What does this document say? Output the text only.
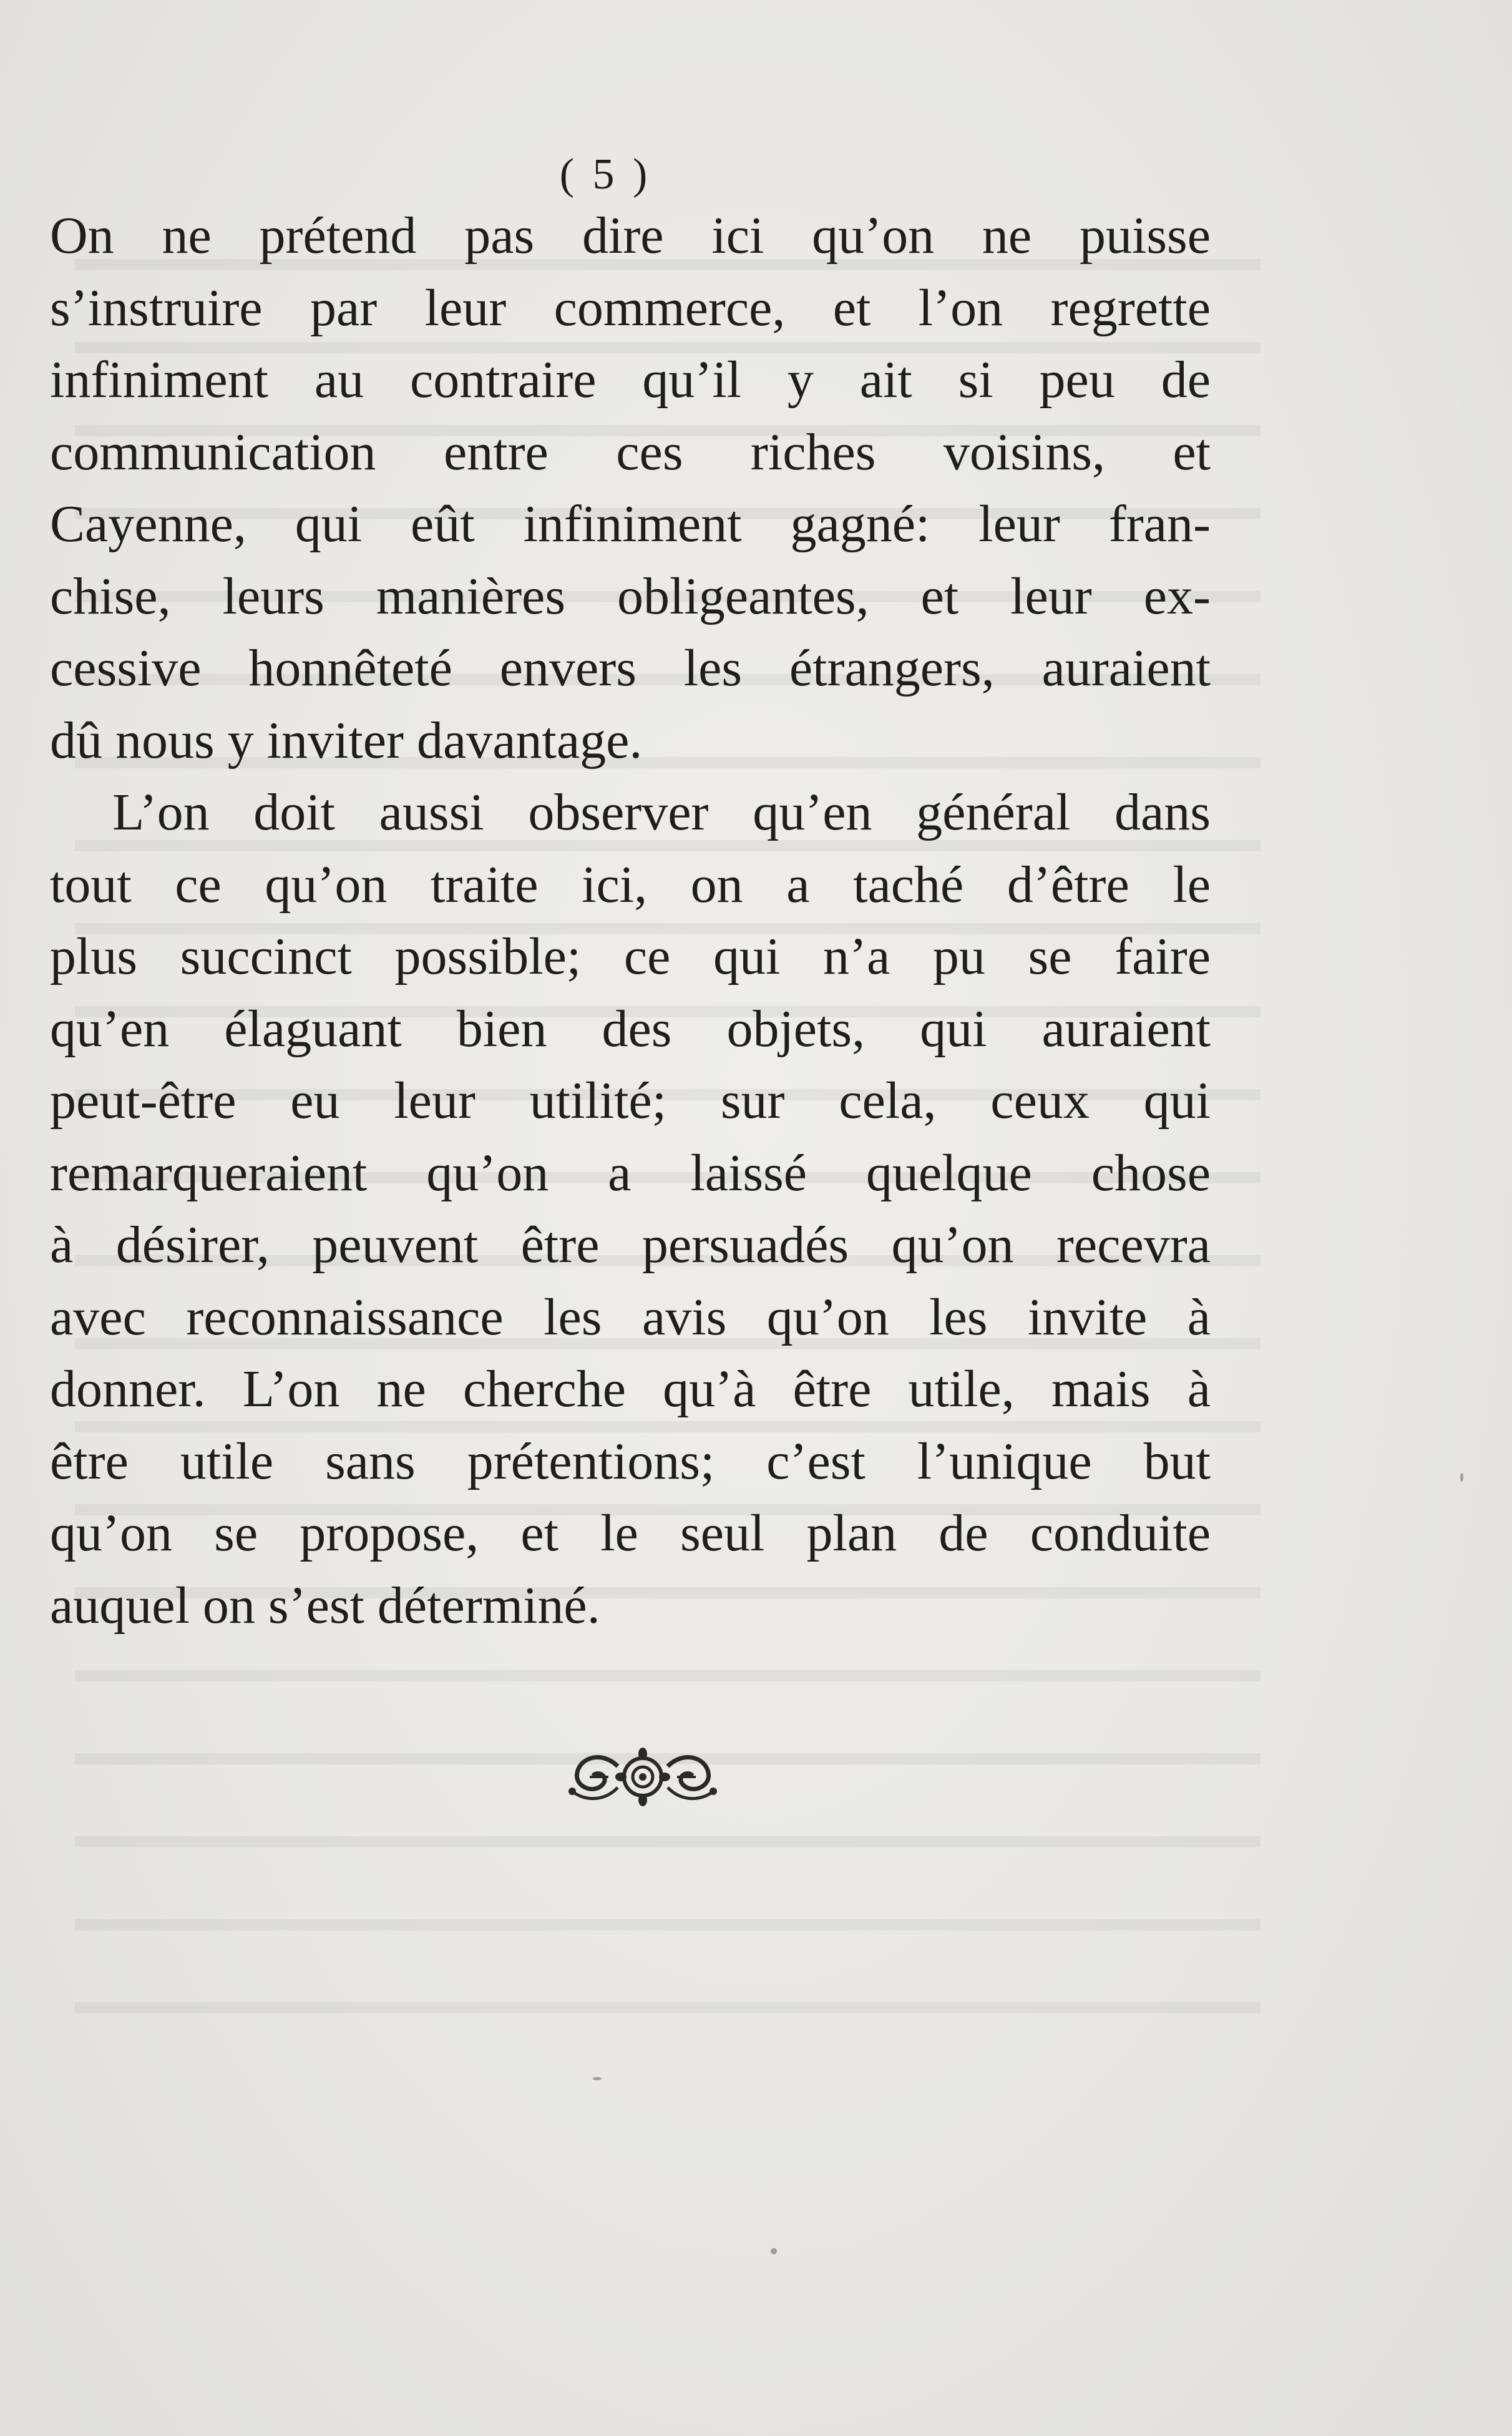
( 5 )
On ne prétend pas dire ici qu’on ne puisse
s’instruire par leur commerce, et l’on regrette
infiniment au contraire qu’il y ait si peu de
communication entre ces riches voisins, et
Cayenne, qui eût infiniment gagné: leur fran-
chise, leurs manières obligeantes, et leur ex-
cessive honnêteté envers les étrangers, auraient
dû nous y inviter davantage.
L’on doit aussi observer qu’en général dans
tout ce qu’on traite ici, on a taché d’être le
plus succinct possible; ce qui n’a pu se faire
qu’en élaguant bien des objets, qui auraient
peut-être eu leur utilité; sur cela, ceux qui
remarqueraient qu’on a laissé quelque chose
à désirer, peuvent être persuadés qu’on recevra
avec reconnaissance les avis qu’on les invite à
donner. L’on ne cherche qu’à être utile, mais à
être utile sans prétentions; c’est l’unique but
qu’on se propose, et le seul plan de conduite
auquel on s’est déterminé.
